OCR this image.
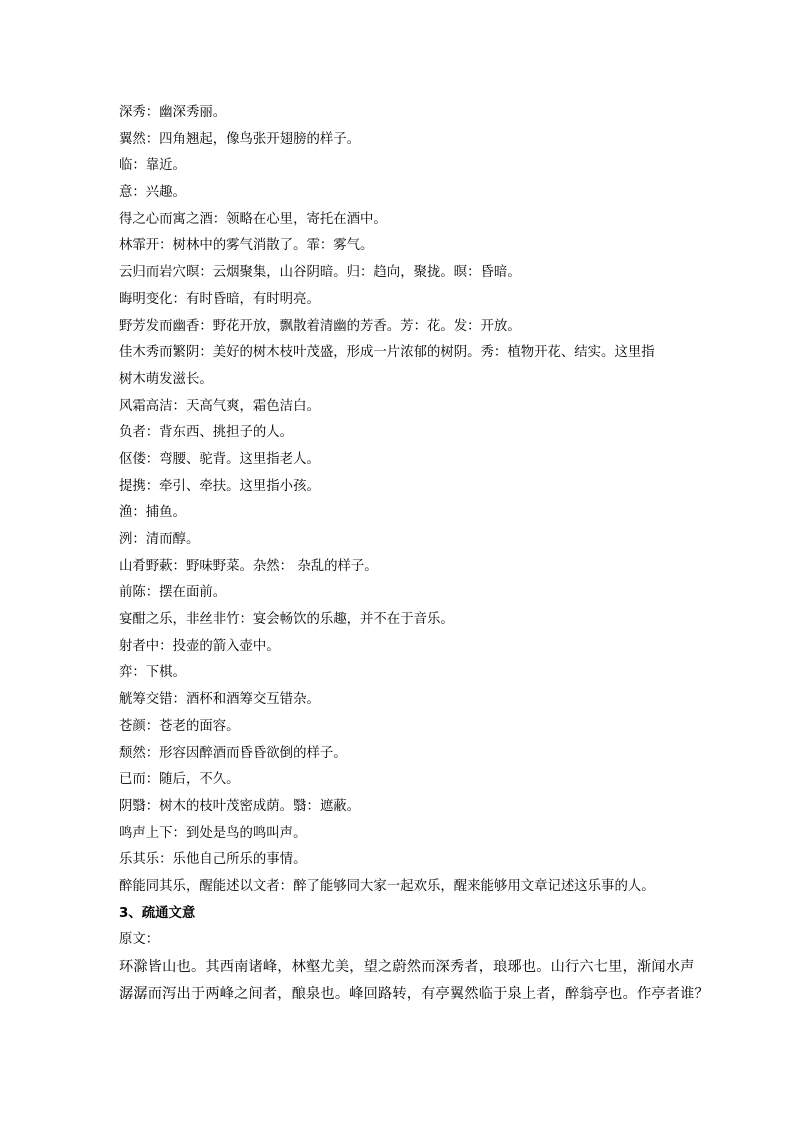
深秀：幽深秀丽。
翼然：四角翘起，像鸟张开翅膀的样子。
临：靠近。
意：兴趣。
得之心而寓之酒：领略在心里，寄托在酒中。
林霏开：树林中的雾气消散了。霏：雾气。
云归而岩穴暝：云烟聚集，山谷阴暗。归：趋向，聚拢。暝：昏暗。
晦明变化：有时昏暗，有时明亮。
野芳发而幽香：野花开放，飘散着清幽的芳香。芳：花。发：开放。
佳木秀而繁阴：美好的树木枝叶茂盛，形成一片浓郁的树阴。秀：植物开花、结实。这里指
树木萌发滋长。
风霜高洁：天高气爽，霜色洁白。
负者：背东西、挑担子的人。
伛偻：弯腰、驼背。这里指老人。
提携：牵引、牵扶。这里指小孩。
渔：捕鱼。
洌：清而醇。
山肴野蔌：野味野菜。杂然： 杂乱的样子。
前陈：摆在面前。
宴酣之乐，非丝非竹：宴会畅饮的乐趣，并不在于音乐。
射者中：投壶的箭入壶中。
弈：下棋。
觥筹交错：酒杯和酒筹交互错杂。
苍颜：苍老的面容。
颓然：形容因醉酒而昏昏欲倒的样子。
已而：随后，不久。
阴翳：树木的枝叶茂密成荫。翳：遮蔽。
鸣声上下：到处是鸟的鸣叫声。
乐其乐：乐他自己所乐的事情。
醉能同其乐，醒能述以文者：醉了能够同大家一起欢乐，醒来能够用文章记述这乐事的人。
3、疏通文意
原文：
环滁皆山也。其西南诸峰，林壑尤美，望之蔚然而深秀者，琅琊也。山行六七里，渐闻水声
潺潺而泻出于两峰之间者，酿泉也。峰回路转，有亭翼然临于泉上者，醉翁亭也。作亭者谁？
